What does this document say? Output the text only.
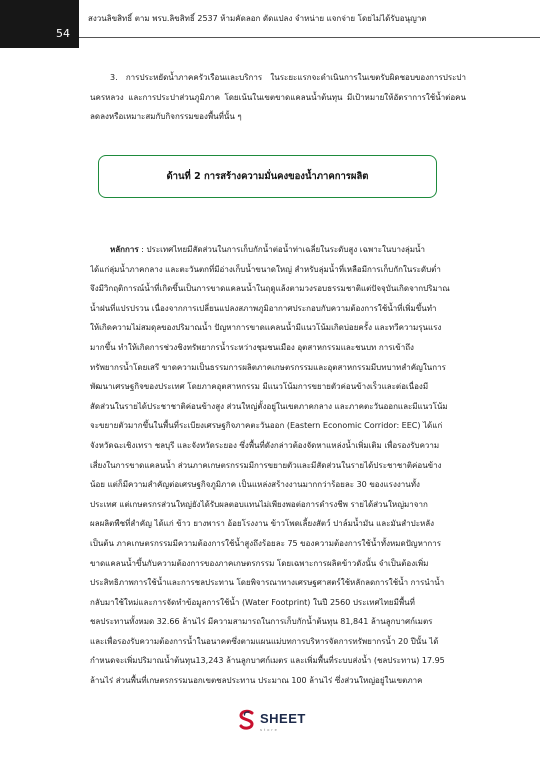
54
สงวนลิขสิทธิ์ ตาม พรบ.ลิขสิทธิ์ 2537 ห้ามคัดลอก ดัดแปลง จำหน่าย แจกจ่าย โดยไม่ได้รับอนุญาต

3. การประหยัดน้ำภาคครัวเรือนและบริการ ในระยะแรกจะดำเนินการในเขตรับผิดชอบของการประปานครหลวง และการประปาส่วนภูมิภาค โดยเน้นในเขตขาดแคลนน้ำต้นทุน มีเป้าหมายให้อัตราการใช้น้ำต่อคนลดลงหรือเหมาะสมกับกิจกรรมของพื้นที่นั้น ๆ

ด้านที่ 2 การสร้างความมั่นคงของน้ำภาคการผลิต
หลักการ : ประเทศไทยมีสัดส่วนในการเก็บกักน้ำต่อน้ำท่าเฉลี่ยในระดับสูง เฉพาะในบางลุ่มน้ำ
ได้แก่ลุ่มน้ำภาคกลาง และตะวันตกที่มีอ่างเก็บน้ำขนาดใหญ่ สำหรับลุ่มน้ำที่เหลือมีการเก็บกักในระดับต่ำ
จึงมีวิกฤติการณ์น้ำที่เกิดขึ้นเป็นการขาดแคลนน้ำในฤดูแล้งตามวงรอบธรรมชาติแต่ปัจจุบันเกิดจากปริมาณ
น้ำฝนที่แปรปรวน เนื่องจากการเปลี่ยนแปลงสภาพภูมิอากาศประกอบกับความต้องการใช้น้ำที่เพิ่มขึ้นทำ
ให้เกิดความไม่สมดุลของปริมาณน้ำ ปัญหาการขาดแคลนน้ำมีแนวโน้มเกิดบ่อยครั้ง และทวีความรุนแรง
มากขึ้น ทำให้เกิดการช่วงชิงทรัพยากรน้ำระหว่างชุมชนเมือง อุตสาหกรรมและชนบท การเข้าถึง
ทรัพยากรน้ำโดยเสรี ขาดความเป็นธรรมการผลิตภาคเกษตรกรรมและอุตสาหกรรมมีบทบาทสำคัญในการ
พัฒนาเศรษฐกิจของประเทศ โดยภาคอุตสาหกรรม มีแนวโน้มการขยายตัวค่อนข้างเร็วและต่อเนื่องมี
สัดส่วนในรายได้ประชาชาติค่อนข้างสูง ส่วนใหญ่ตั้งอยู่ในเขตภาคกลาง และภาคตะวันออกและมีแนวโน้ม
จะขยายตัวมากขึ้นในพื้นที่ระเบียงเศรษฐกิจภาคตะวันออก (Eastern Economic Corridor: EEC) ได้แก่
จังหวัดฉะเชิงเทรา ชลบุรี และจังหวัดระยอง ซึ่งพื้นที่ดังกล่าวต้องจัดหาแหล่งน้ำเพิ่มเติม เพื่อรองรับความ
เสี่ยงในการขาดแคลนน้ำ ส่วนภาคเกษตรกรรมมีการขยายตัวและมีสัดส่วนในรายได้ประชาชาติค่อนข้าง
น้อย แต่ก็มีความสำคัญต่อเศรษฐกิจภูมิภาค เป็นแหล่งสร้างงานมากกว่าร้อยละ 30 ของแรงงานทั้ง
ประเทศ แต่เกษตรกรส่วนใหญ่ยังได้รับผลตอบแทนไม่เพียงพอต่อการดำรงชีพ รายได้ส่วนใหญ่มาจาก
ผลผลิตพืชที่สำคัญ ได้แก่ ข้าว ยางพารา อ้อยโรงงาน ข้าวโพดเลี้ยงสัตว์ ปาล์มน้ำมัน และมันสำปะหลัง
เป็นต้น ภาคเกษตรกรรมมีความต้องการใช้น้ำสูงถึงร้อยละ 75 ของความต้องการใช้น้ำทั้งหมดปัญหาการ
ขาดแคลนน้ำขึ้นกับความต้องการของภาคเกษตรกรรม โดยเฉพาะการผลิตข้าวดังนั้น จำเป็นต้องเพิ่ม
ประสิทธิภาพการใช้น้ำและการชลประทาน โดยพิจารณาทางเศรษฐศาสตร์ใช้หลักลดการใช้น้ำ การนำน้ำ
กลับมาใช้ใหม่และการจัดทำข้อมูลการใช้น้ำ (Water Footprint) ในปี 2560 ประเทศไทยมีพื้นที่
ชลประทานทั้งหมด 32.66 ล้านไร่ มีความสามารถในการเก็บกักน้ำต้นทุน 81,841 ล้านลูกบาศก์เมตร
และเพื่อรองรับความต้องการน้ำในอนาคตซึ่งตามแผนแม่บทการบริหารจัดการทรัพยากรน้ำ 20 ปีนั้น ได้
กำหนดจะเพิ่มปริมาณน้ำต้นทุน13,243 ล้านลูกบาศก์เมตร และเพิ่มพื้นที่ระบบส่งน้ำ (ชลประทาน) 17.95
ล้านไร่ ส่วนพื้นที่เกษตรกรรมนอกเขตชลประทาน ประมาณ 100 ล้านไร่ ซึ่งส่วนใหญ่อยู่ในเขตภาค
SHEET
store
